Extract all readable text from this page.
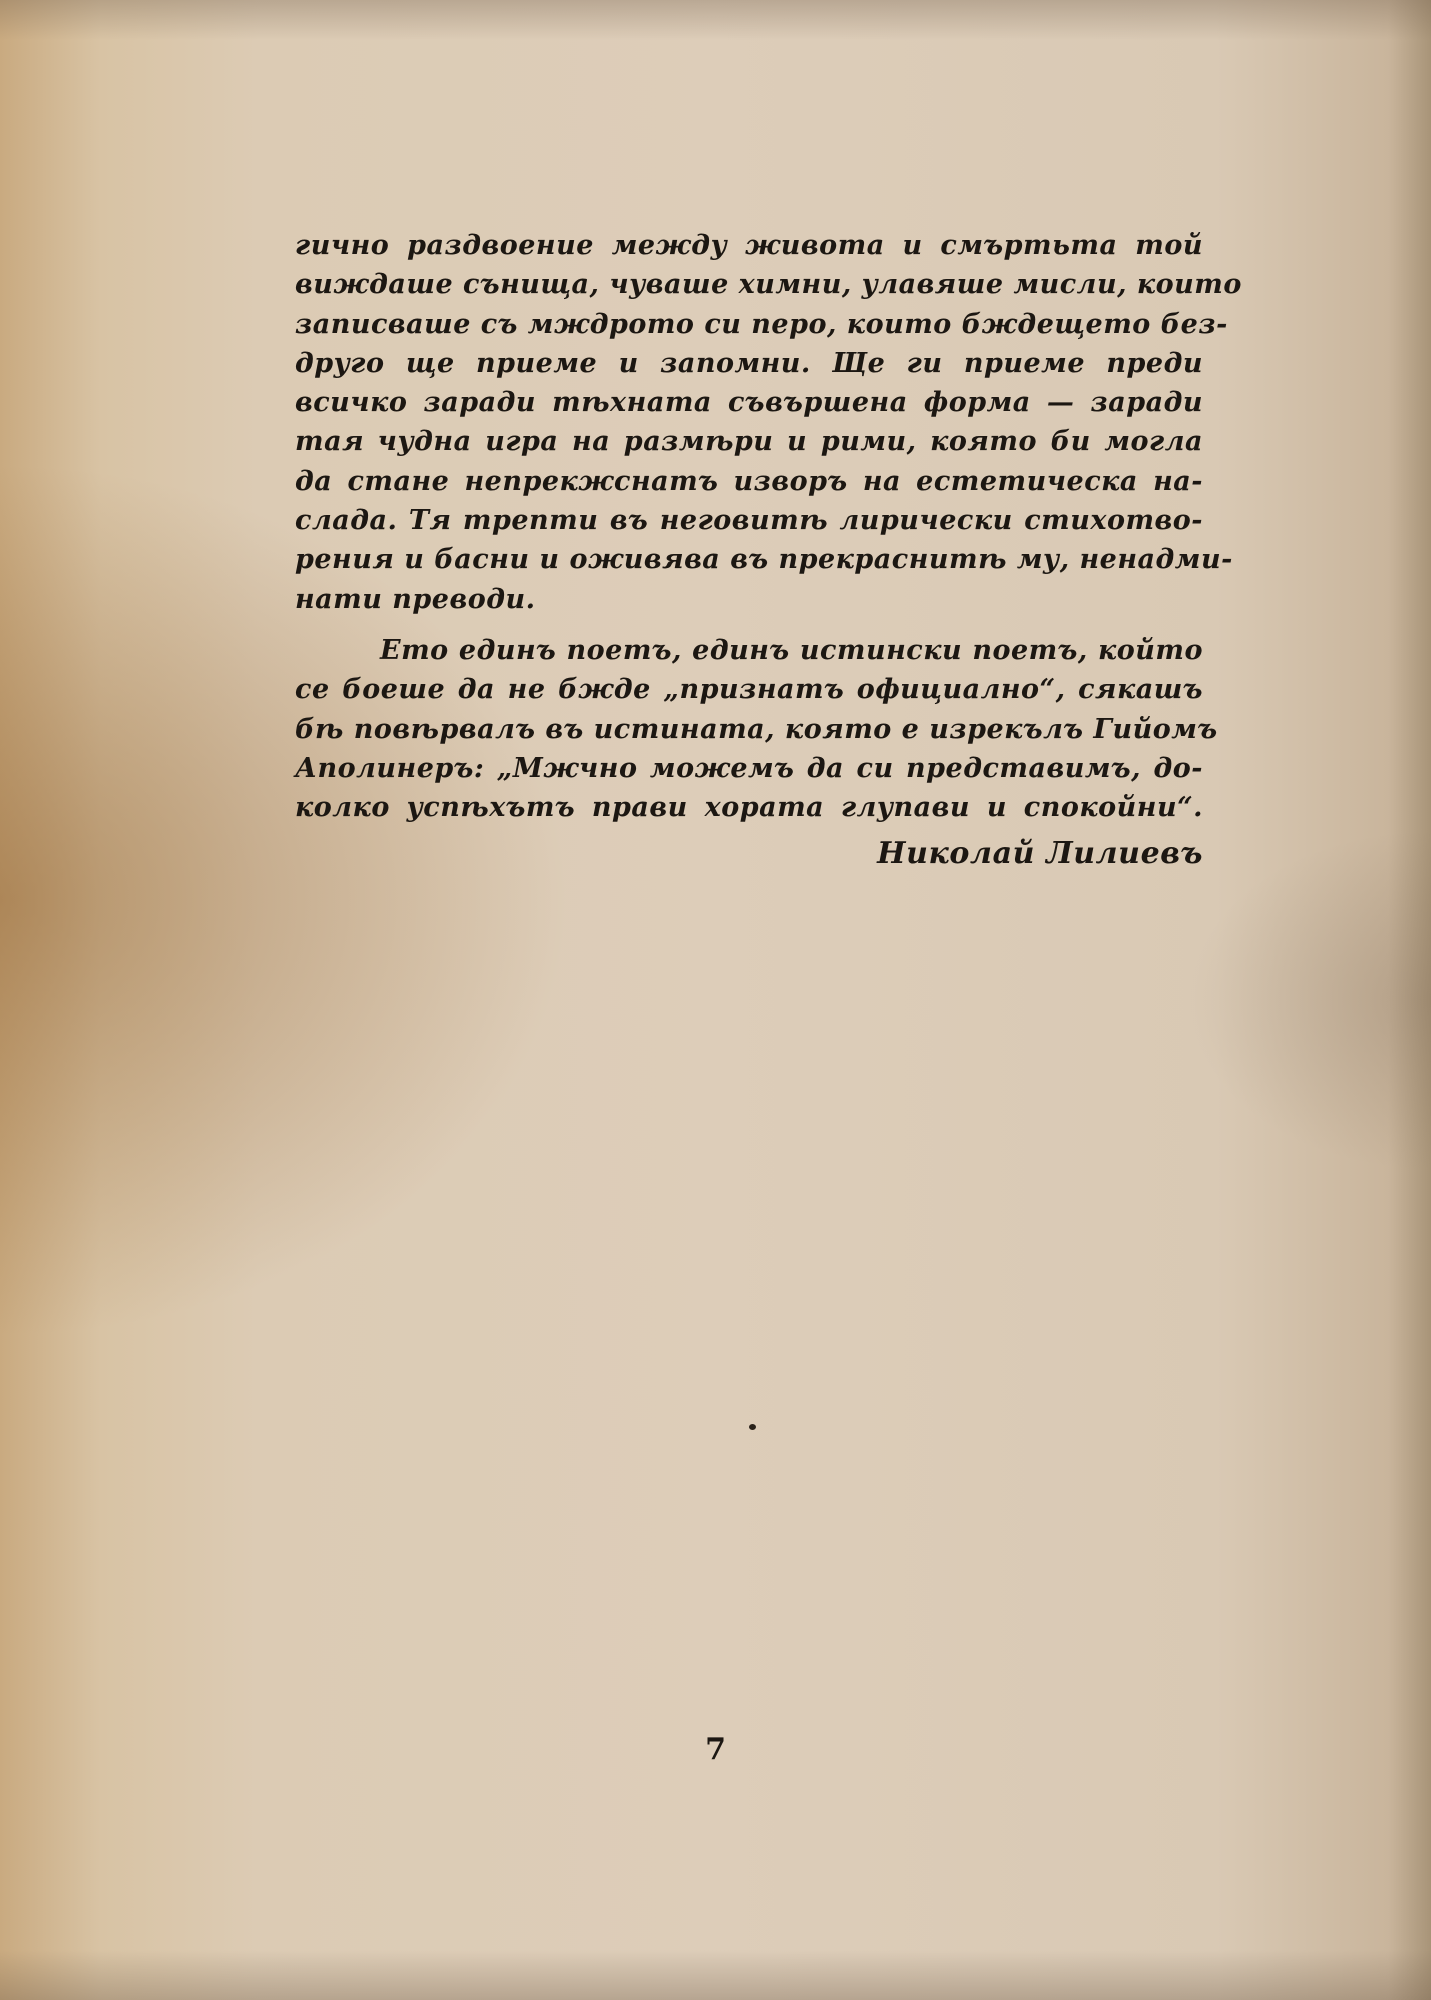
гично раздвоение между живота и смъртьта той
виждаше сънища, чуваше химни, улавяше мисли, които
записваше съ мждрото си перо, които бждещето без-
друго ще приеме и запомни. Ще ги приеме преди
всичко заради тѣхната съвършена форма — заради
тая чудна игра на размѣри и рими, която би могла
да стане непрекжснатъ изворъ на естетическа на-
слада. Тя трепти въ неговитѣ лирически стихотво-
рения и басни и оживява въ прекраснитѣ му, ненадми-
нати преводи.
Ето единъ поетъ, единъ истински поетъ, който
се боеше да не бжде „признатъ официално“, сякашъ
бѣ повѣрвалъ въ истината, която е изрекълъ Гийомъ
Аполинеръ: „Мжчно можемъ да си представимъ, до-
колко успѣхътъ прави хората глупави и спокойни“.
Николай Лилиевъ
7
